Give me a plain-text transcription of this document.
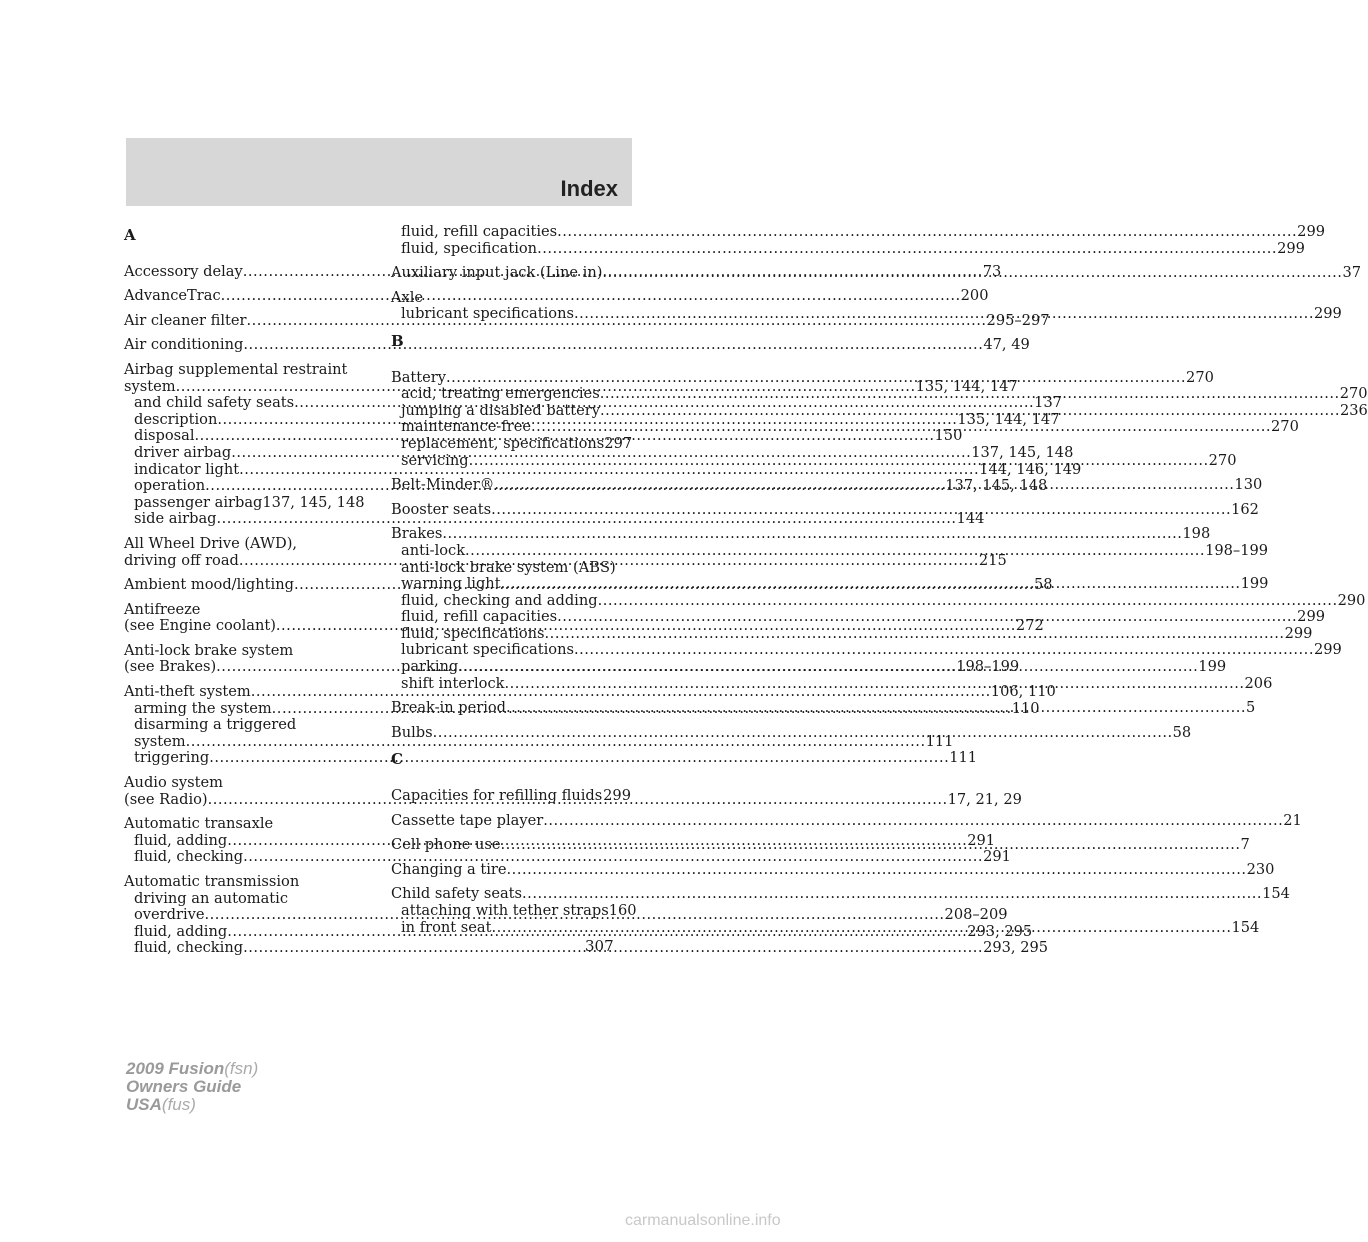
Index
A
Accessory delay .....	73
AdvanceTrac .....	200
Air cleaner filter .....	295–297
Air conditioning .....	47, 49
Airbag supplemental restraint
system .....	135, 144, 147
and child safety seats .....	137
description .....	135, 144, 147
disposal .....	150
driver airbag .....	137, 145, 148
indicator light .....	144, 146, 149
operation .....	137, 145, 148
passenger airbag 137, 145, 148
side airbag .....	144
All Wheel Drive (AWD),
driving off road .....	215
Ambient mood/lighting .....	58
Antifreeze
(see Engine coolant) .....	272
Anti-lock brake system
(see Brakes) .....	198–199
Anti-theft system .....	106, 110
arming the system .....	110
disarming a triggered
system .....	111
triggering .....	111
Audio system
(see Radio) .....	17, 21, 29
Automatic transaxle
fluid, adding .....	291
fluid, checking .....	291
Automatic transmission
driving an automatic
overdrive .....	208–209
fluid, adding .....	293, 295
fluid, checking .....	293, 295
fluid, refill capacities .....	299
fluid, specification .....	299
Auxiliary input jack (Line in) .....	37
Axle
lubricant specifications .....	299
B
Battery .....	270
acid, treating emergencies .....	270
jumping a disabled battery .....	236
maintenance-free .....	270
replacement, specifications 297
servicing .....	270
Belt-Minder® .....	130
Booster seats .....	162
Brakes .....	198
anti-lock .....	198–199
anti-lock brake system (ABS)
warning light .....	199
fluid, checking and adding .....	290
fluid, refill capacities .....	299
fluid, specifications .....	299
lubricant specifications .....	299
parking .....	199
shift interlock .....	206
Break-in period .....	5
Bulbs .....	58
C
Capacities for refilling fluids ..... 299
Cassette tape player .....	21
Cell phone use .....	7
Changing a tire .....	230
Child safety seats .....	154
attaching with tether straps 160
in front seat .....	154
307
2009 Fusion(fsn)
Owners Guide
USA(fus)
carmanualsonline.info
